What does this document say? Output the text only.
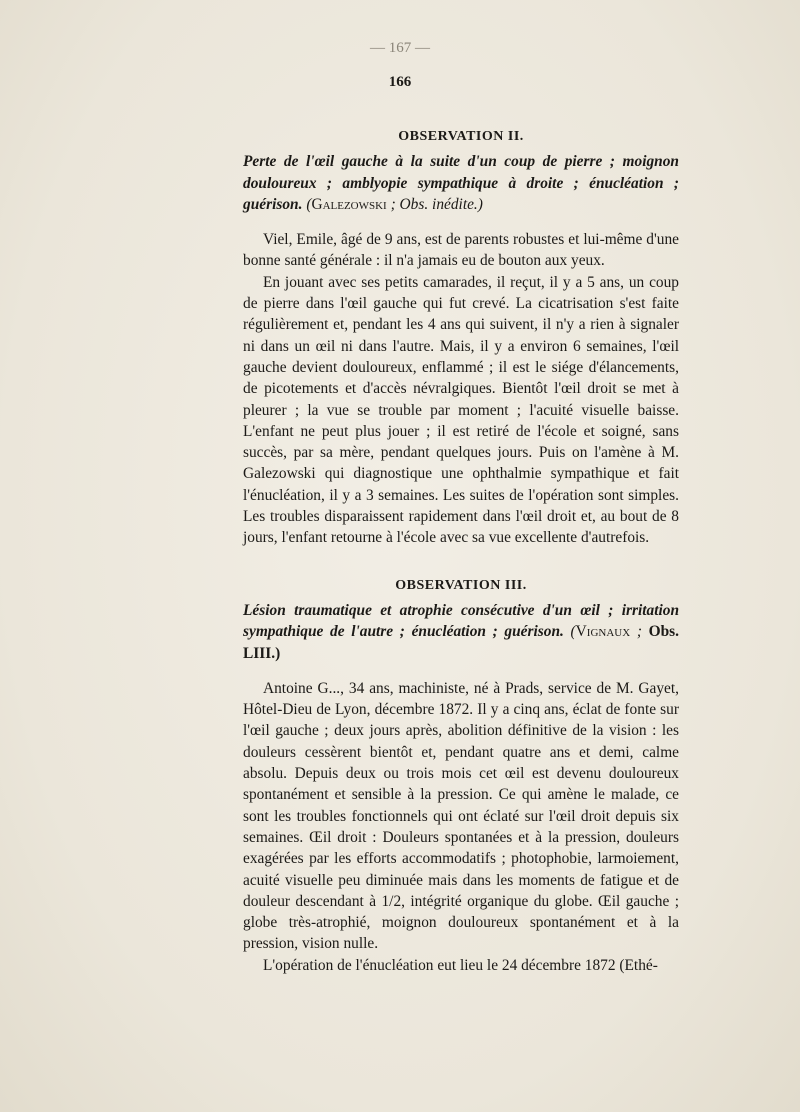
— 167 —
166
OBSERVATION II.
Perte de l'œil gauche à la suite d'un coup de pierre ; moignon douloureux ; amblyopie sympathique à droite ; énucléation ; guérison. (Galezowski ; Obs. inédite.)

Viel, Emile, âgé de 9 ans, est de parents robustes et lui-même d'une bonne santé générale : il n'a jamais eu de bouton aux yeux.

En jouant avec ses petits camarades, il reçut, il y a 5 ans, un coup de pierre dans l'œil gauche qui fut crevé. La cicatrisation s'est faite régulièrement et, pendant les 4 ans qui suivent, il n'y a rien à signaler ni dans un œil ni dans l'autre. Mais, il y a environ 6 semaines, l'œil gauche devient douloureux, enflammé ; il est le siége d'élancements, de picotements et d'accès névralgiques. Bientôt l'œil droit se met à pleurer ; la vue se trouble par moment ; l'acuité visuelle baisse. L'enfant ne peut plus jouer ; il est retiré de l'école et soigné, sans succès, par sa mère, pendant quelques jours. Puis on l'amène à M. Galezowski qui diagnostique une ophthalmie sympathique et fait l'énucléation, il y a 3 semaines. Les suites de l'opération sont simples. Les troubles disparaissent rapidement dans l'œil droit et, au bout de 8 jours, l'enfant retourne à l'école avec sa vue excellente d'autrefois.

OBSERVATION III.
Lésion traumatique et atrophie consécutive d'un œil ; irritation sympathique de l'autre ; énucléation ; guérison. (Vignaux ; Obs. LIII.)

Antoine G..., 34 ans, machiniste, né à Prads, service de M. Gayet, Hôtel-Dieu de Lyon, décembre 1872. Il y a cinq ans, éclat de fonte sur l'œil gauche ; deux jours après, abolition définitive de la vision : les douleurs cessèrent bientôt et, pendant quatre ans et demi, calme absolu. Depuis deux ou trois mois cet œil est devenu douloureux spontanément et sensible à la pression. Ce qui amène le malade, ce sont les troubles fonctionnels qui ont éclaté sur l'œil droit depuis six semaines. Œil droit : Douleurs spontanées et à la pression, douleurs exagérées par les efforts accommodatifs ; photophobie, larmoiement, acuité visuelle peu diminuée mais dans les moments de fatigue et de douleur descendant à 1/2, intégrité organique du globe. Œil gauche ; globe très-atrophié, moignon douloureux spontanément et à la pression, vision nulle.

L'opération de l'énucléation eut lieu le 24 décembre 1872 (Ethé-
